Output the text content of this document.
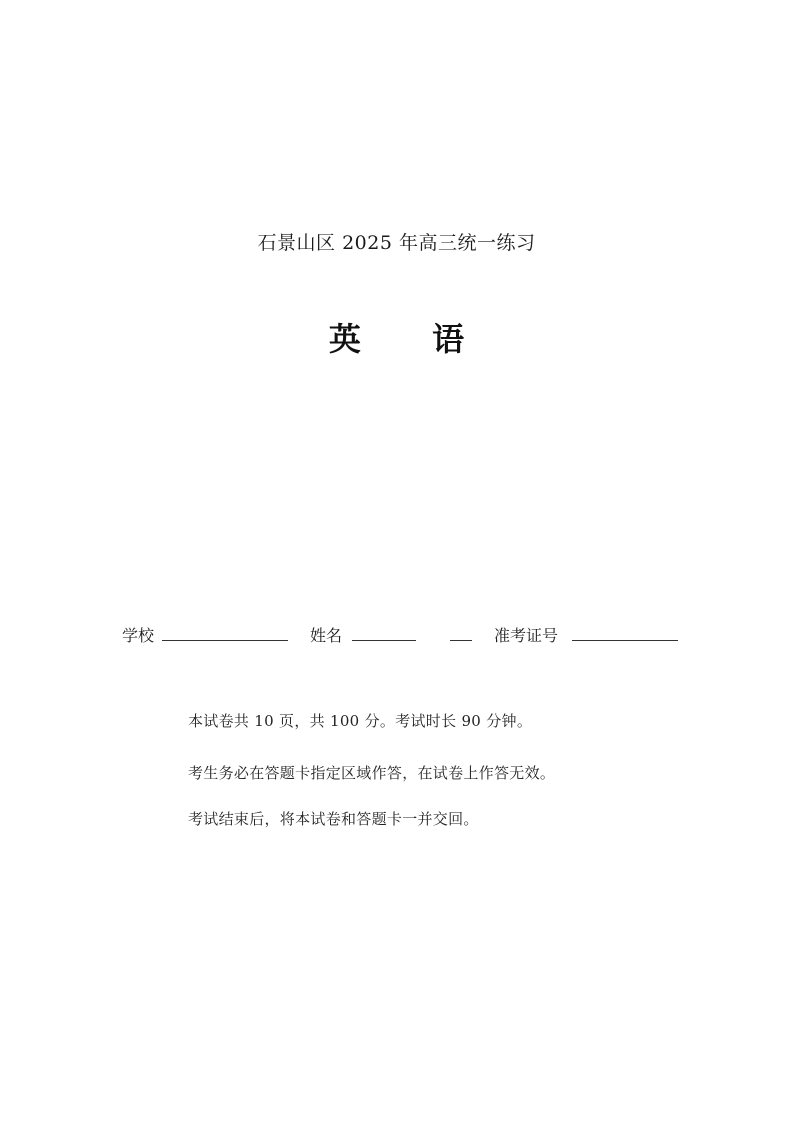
石景山区 2025 年高三统一练习
英 语
学校	姓名	准考证号
本试卷共 10 页，共 100 分。考试时长 90 分钟。
考生务必在答题卡指定区域作答，在试卷上作答无效。
考试结束后，将本试卷和答题卡一并交回。
